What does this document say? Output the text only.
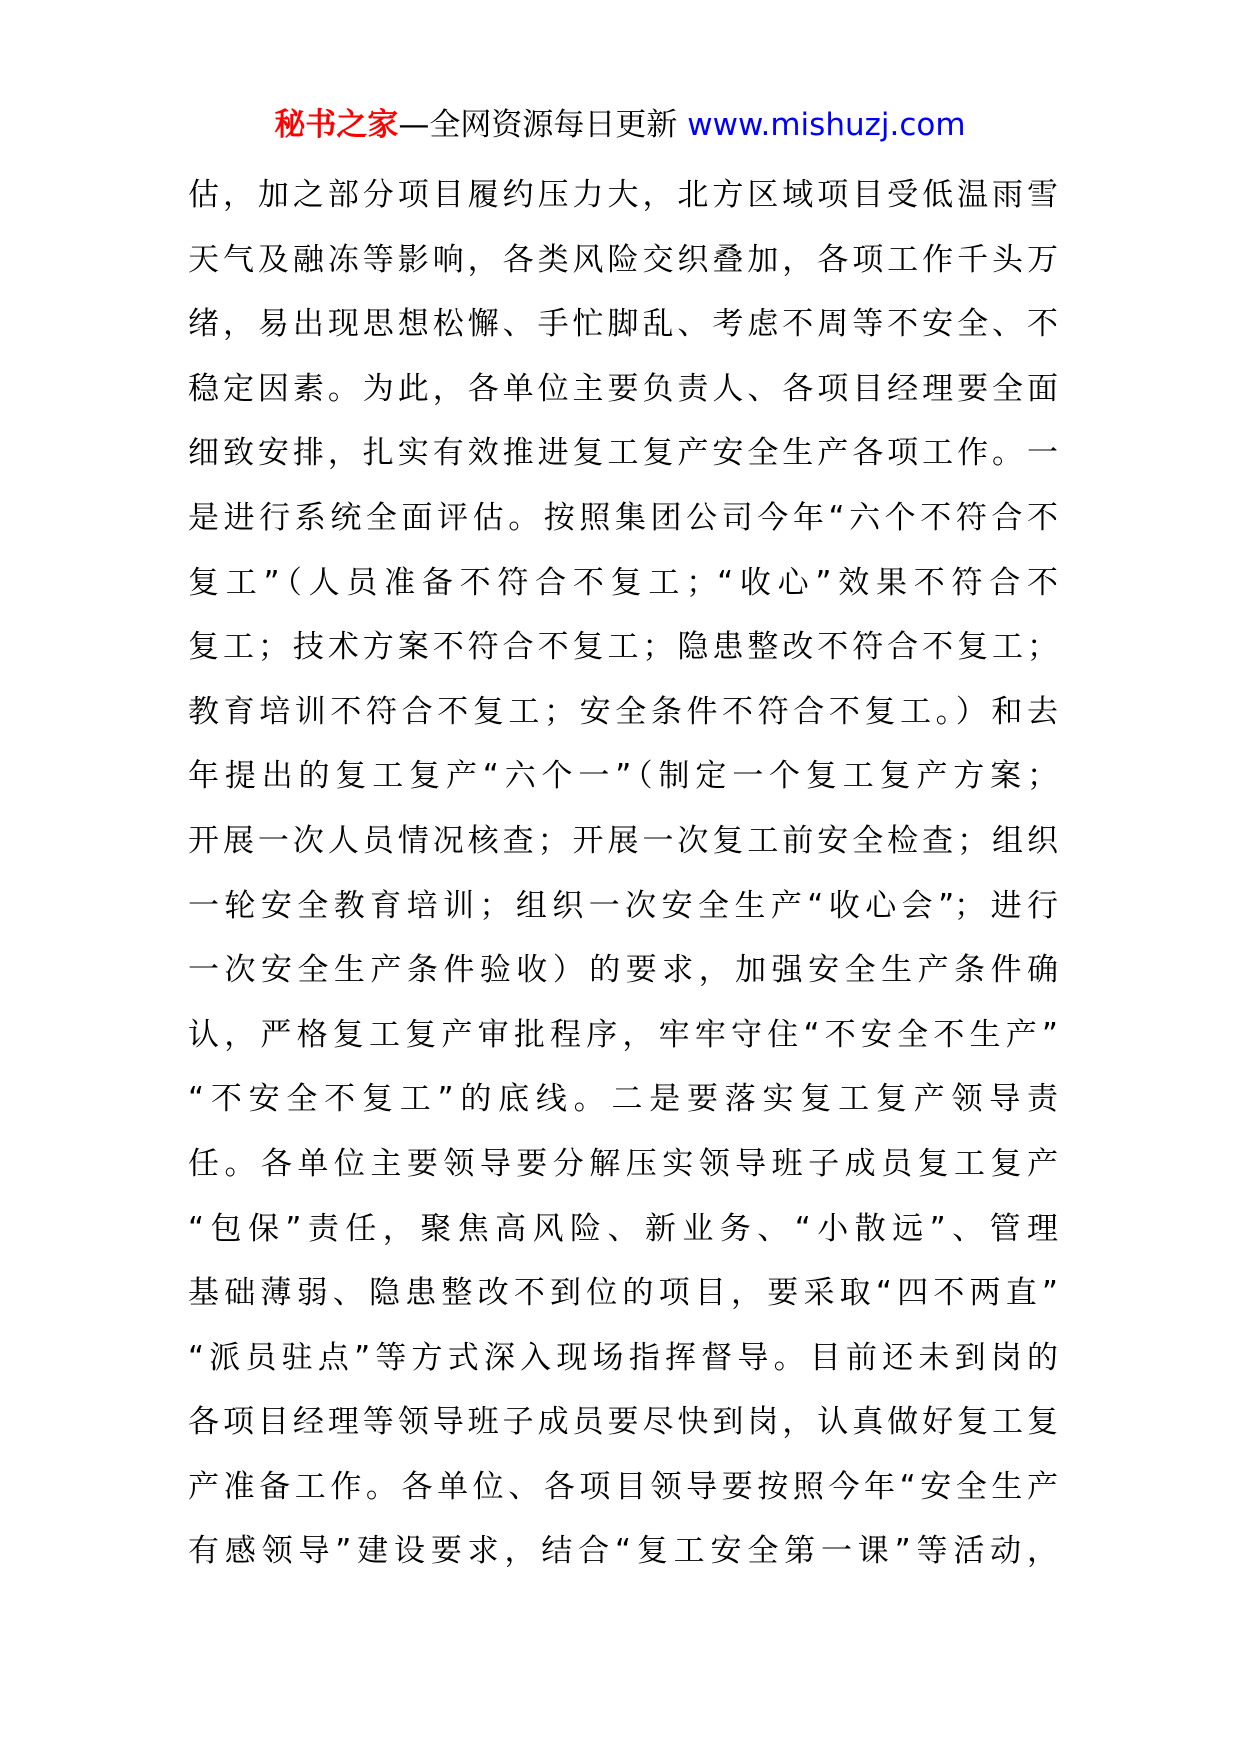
秘书之家—全网资源每日更新 www.mishuzj.com
估，加之部分项目履约压力大，北方区域项目受低温雨雪
天气及融冻等影响，各类风险交织叠加，各项工作千头万
绪，易出现思想松懈、手忙脚乱、考虑不周等不安全、不
稳定因素。为此，各单位主要负责人、各项目经理要全面
细致安排，扎实有效推进复工复产安全生产各项工作。一
是进行系统全面评估。按照集团公司今年“六个不符合不
复工”（人员准备不符合不复工；“收心”效果不符合不
复工；技术方案不符合不复工；隐患整改不符合不复工；
教育培训不符合不复工；安全条件不符合不复工。）和去
年提出的复工复产“六个一”（制定一个复工复产方案；
开展一次人员情况核查；开展一次复工前安全检查；组织
一轮安全教育培训；组织一次安全生产“收心会”；进行
一次安全生产条件验收）的要求，加强安全生产条件确
认，严格复工复产审批程序，牢牢守住“不安全不生产”
“不安全不复工”的底线。二是要落实复工复产领导责
任。各单位主要领导要分解压实领导班子成员复工复产
“包保”责任，聚焦高风险、新业务、“小散远”、管理
基础薄弱、隐患整改不到位的项目，要采取“四不两直”
“派员驻点”等方式深入现场指挥督导。目前还未到岗的
各项目经理等领导班子成员要尽快到岗，认真做好复工复
产准备工作。各单位、各项目领导要按照今年“安全生产
有感领导”建设要求，结合“复工安全第一课”等活动，
